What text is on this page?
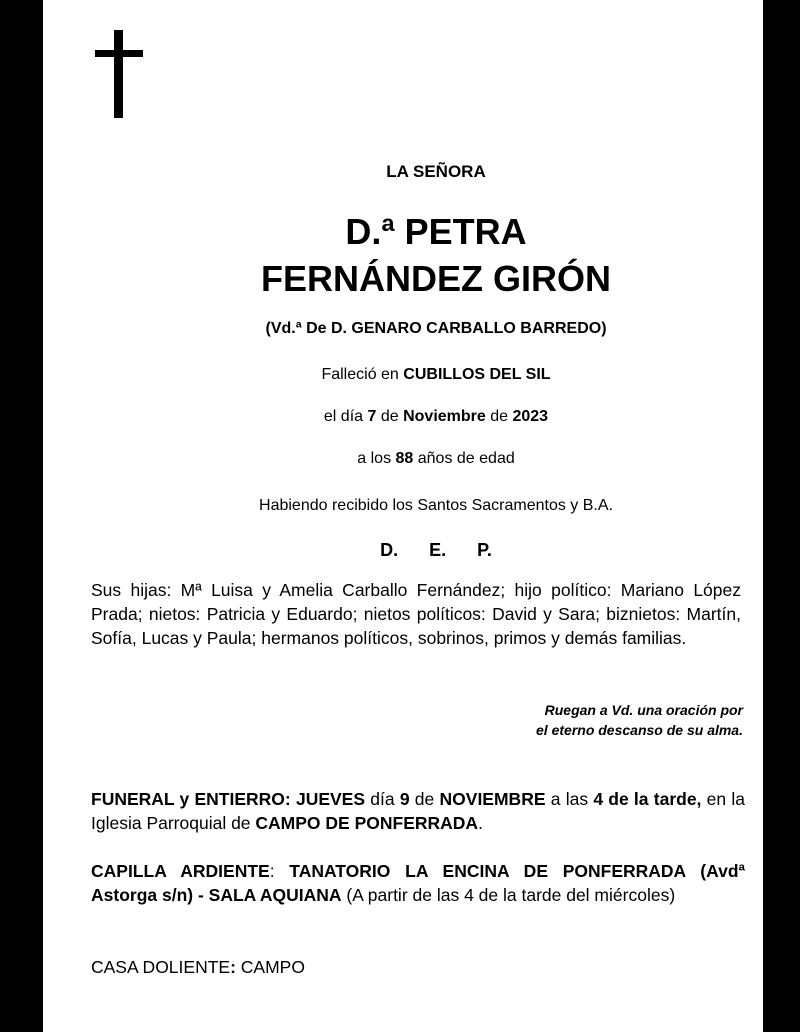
LA SEÑORA
D.ª PETRA
FERNÁNDEZ GIRÓN
(Vd.ª De D. GENARO CARBALLO BARREDO)
Falleció en CUBILLOS DEL SIL
el día 7 de Noviembre de 2023
a los 88 años de edad
Habiendo recibido los Santos Sacramentos y B.A.
D. E. P.
Sus hijas: Mª Luisa y Amelia Carballo Fernández; hijo político: Mariano López Prada; nietos: Patricia y Eduardo; nietos políticos: David y Sara; biznietos: Martín, Sofía, Lucas y Paula; hermanos políticos, sobrinos, primos y demás familias.
Ruegan a Vd. una oración por
el eterno descanso de su alma.
FUNERAL y ENTIERRO: JUEVES día 9 de NOVIEMBRE a las 4 de la tarde, en la Iglesia Parroquial de CAMPO DE PONFERRADA.
CAPILLA ARDIENTE: TANATORIO LA ENCINA DE PONFERRADA (Avdª Astorga s/n) - SALA AQUIANA (A partir de las 4 de la tarde del miércoles)
CASA DOLIENTE: CAMPO
